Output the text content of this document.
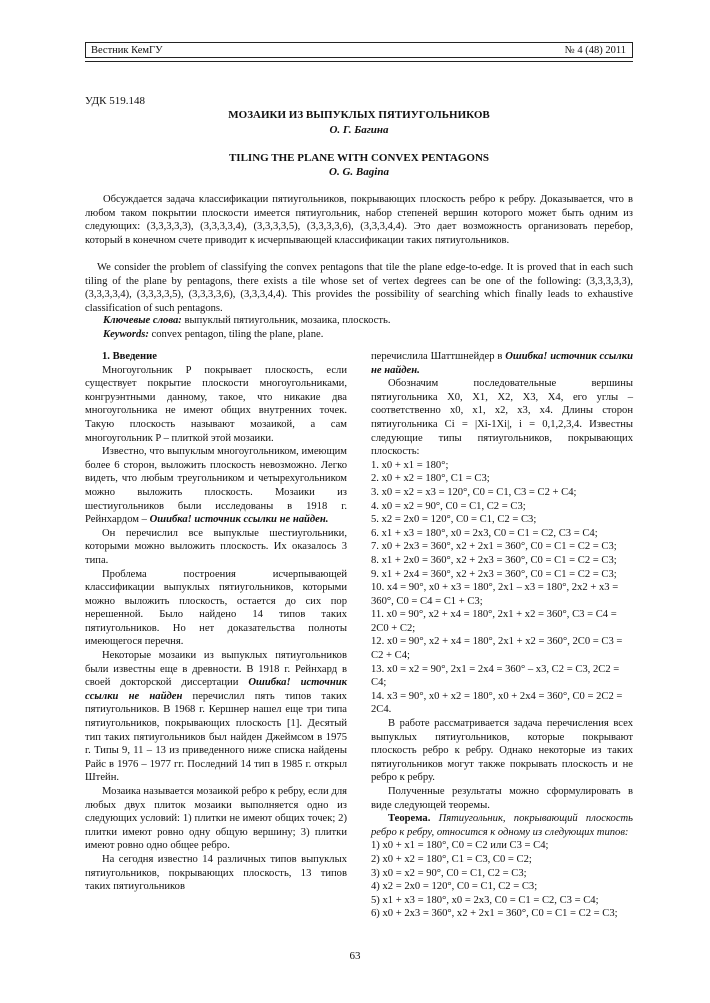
Вестник КемГУ	№ 4 (48) 2011
УДК 519.148
МОЗАИКИ ИЗ ВЫПУКЛЫХ ПЯТИУГОЛЬНИКОВ
О. Г. Багина
TILING THE PLANE WITH CONVEX PENTAGONS
O. G. Bagina
Обсуждается задача классификации пятиугольников, покрывающих плоскость ребро к ребру. Доказывается, что в любом таком покрытии плоскости имеется пятиугольник, набор степеней вершин которого может быть одним из следующих: (3,3,3,3,3), (3,3,3,3,4), (3,3,3,3,5), (3,3,3,3,6), (3,3,3,4,4). Это дает возможность организовать перебор, который в конечном счете приводит к исчерпывающей классификации таких пятиугольников.
We consider the problem of classifying the convex pentagons that tile the plane edge-to-edge. It is proved that in each such tiling of the plane by pentagons, there exists a tile whose set of vertex degrees can be one of the following: (3,3,3,3,3), (3,3,3,3,4), (3,3,3,3,5), (3,3,3,3,6), (3,3,3,4,4). This provides the possibility of searching which finally leads to exhaustive classification of such pentagons.
Ключевые слова: выпуклый пятиугольник, мозаика, плоскость.
Keywords: convex pentagon, tiling the plane, plane.

1. Введение

Многоугольник P покрывает плоскость, если существует покрытие плоскости многоугольниками, конгруэнтными данному, такое, что никакие два многоугольника не имеют общих внутренних точек. Такую плоскость называют мозаикой, а сам многоугольник P – плиткой этой мозаики.

Известно, что выпуклым многоугольником, имеющим более 6 сторон, выложить плоскость невозможно. Легко видеть, что любым треугольником и четырехугольником можно выложить плоскость. Мозаики из шестиугольников были исследованы в 1918 г. Рейнхардом – Ошибка! источник ссылки не найден.

Он перечислил все выпуклые шестиугольники, которыми можно выложить плоскость. Их оказалось 3 типа.

Проблема построения исчерпывающей классификации выпуклых пятиугольников, которыми можно выложить плоскость, остается до сих пор нерешенной. Было найдено 14 типов таких пятиугольников. Но нет доказательства полноты имеющегося перечня.

Некоторые мозаики из выпуклых пятиугольников были известны еще в древности. В 1918 г. Рейнхард в своей докторской диссертации Ошибка! источник ссылки не найден перечислил пять типов таких пятиугольников. В 1968 г. Кершнер нашел еще три типа пятиугольников, покрывающих плоскость [1]. Десятый тип таких пятиугольников был найден Джеймсом в 1975 г. Типы 9, 11 – 13 из приведенного ниже списка найдены Райс в 1976 – 1977 гг. Последний 14 тип в 1985 г. открыл Штейн.

Мозаика называется мозаикой ребро к ребру, если для любых двух плиток мозаики выполняется одно из следующих условий: 1) плитки не имеют общих точек; 2) плитки имеют ровно одну общую вершину; 3) плитки имеют ровно одно общее ребро.

На сегодня известно 14 различных типов выпуклых пятиугольников, покрывающих плоскость, 13 типов таких пятиугольников

перечислила Шаттшнейдер в Ошибка! источник ссылки не найден.

Обозначим последовательные вершины пятиугольника X0, X1, X2, X3, X4, его углы – соответственно x0, x1, x2, x3, x4. Длины сторон пятиугольника Ci = |Xi-1Xi|, i = 0,1,2,3,4. Известны следующие типы пятиугольников, покрывающих плоскость:

1. x0 + x1 = 180°;
2. x0 + x2 = 180°, C1 = C3;
3. x0 = x2 = x3 = 120°, C0 = C1, C3 = C2 + C4;
4. x0 = x2 = 90°, C0 = C1, C2 = C3;
5. x2 = 2x0 = 120°, C0 = C1, C2 = C3;
6. x1 + x3 = 180°, x0 = 2x3, C0 = C1 = C2, C3 = C4;
7. x0 + 2x3 = 360°, x2 + 2x1 = 360°, C0 = C1 = C2 = C3;
8. x1 + 2x0 = 360°, x2 + 2x3 = 360°, C0 = C1 = C2 = C3;
9. x1 + 2x4 = 360°, x2 + 2x3 = 360°, C0 = C1 = C2 = C3;
10. x4 = 90°, x0 + x3 = 180°, 2x1 – x3 = 180°, 2x2 + x3 = 360°, C0 = C4 = C1 + C3;
11. x0 = 90°, x2 + x4 = 180°, 2x1 + x2 = 360°, C3 = C4 = 2C0 + C2;
12. x0 = 90°, x2 + x4 = 180°, 2x1 + x2 = 360°, 2C0 = C3 = C2 + C4;
13. x0 = x2 = 90°, 2x1 = 2x4 = 360° – x3, C2 = C3, 2C2 = C4;
14. x3 = 90°, x0 + x2 = 180°, x0 + 2x4 = 360°, C0 = 2C2 = 2C4.

В работе рассматривается задача перечисления всех выпуклых пятиугольников, которые покрывают плоскость ребро к ребру. Однако некоторые из таких пятиугольников могут также покрывать плоскость и не ребро к ребру.

Полученные результаты можно сформулировать в виде следующей теоремы.

Теорема. Пятиугольник, покрывающий плоскость ребро к ребру, относится к одному из следующих типов:

1) x0 + x1 = 180°, C0 = C2 или C3 = C4;
2) x0 + x2 = 180°, C1 = C3, C0 = C2;
3) x0 = x2 = 90°, C0 = C1, C2 = C3;
4) x2 = 2x0 = 120°, C0 = C1, C2 = C3;
5) x1 + x3 = 180°, x0 = 2x3, C0 = C1 = C2, C3 = C4;
6) x0 + 2x3 = 360°, x2 + 2x1 = 360°, C0 = C1 = C2 = C3;
63
